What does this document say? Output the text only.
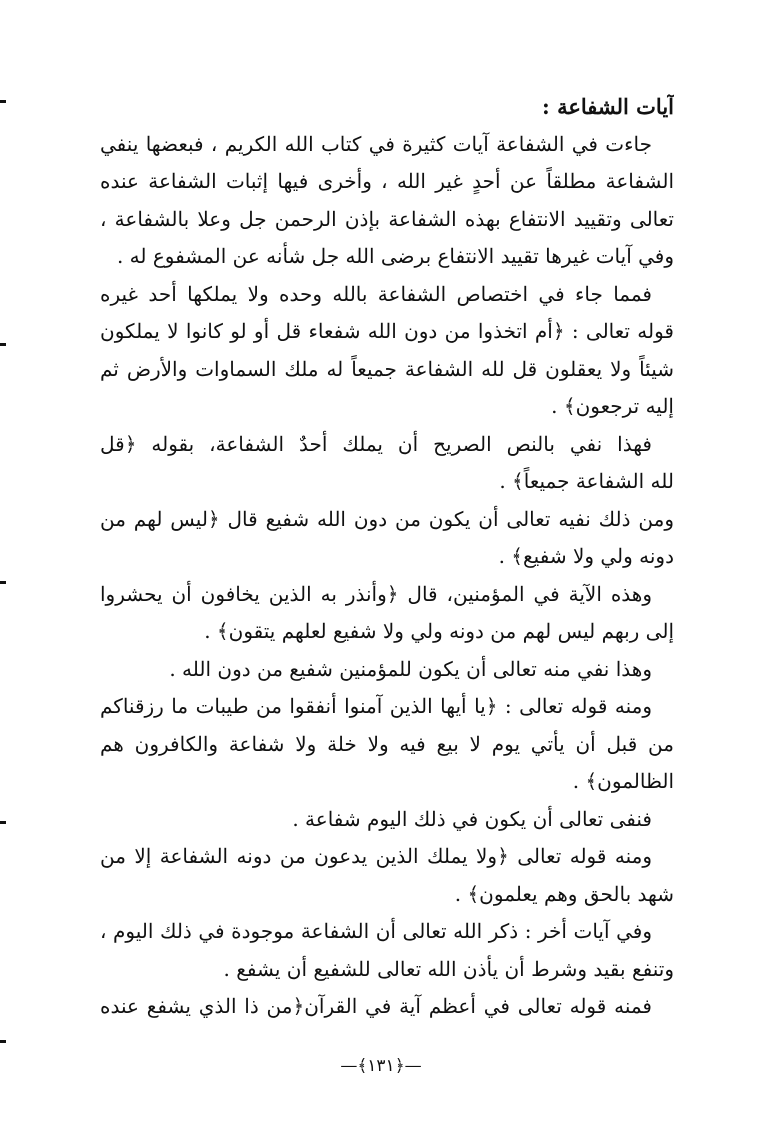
آيات الشفاعة :
جاءت في الشفاعة آيات كثيرة في كتاب الله الكريم ، فبعضها ينفي
الشفاعة مطلقاً عن أحدٍ غير الله ، وأخرى فيها إثبات الشفاعة عنده
تعالى وتقييد الانتفاع بهذه الشفاعة بإذن الرحمن جل وعلا بالشفاعة ،
وفي آيات غيرها تقييد الانتفاع برضى الله جل شأنه عن المشفوع له .
فمما جاء في اختصاص الشفاعة بالله وحده ولا يملكها أحد غيره
قوله تعالى : ﴿أم اتخذوا من دون الله شفعاء قل أو لو كانوا لا يملكون
شيئاً ولا يعقلون قل لله الشفاعة جميعاً له ملك السماوات والأرض ثم
إليه ترجعون﴾ .
فهذا نفي بالنص الصريح أن يملك أحدٌ الشفاعة، بقوله ﴿قل
لله الشفاعة جميعاً﴾ .
ومن ذلك نفيه تعالى أن يكون من دون الله شفيع قال ﴿ليس لهم من
دونه ولي ولا شفيع﴾ .
وهذه الآية في المؤمنين، قال ﴿وأنذر به الذين يخافون أن يحشروا
إلى ربهم ليس لهم من دونه ولي ولا شفيع لعلهم يتقون﴾ .
وهذا نفي منه تعالى أن يكون للمؤمنين شفيع من دون الله .
ومنه قوله تعالى : ﴿يا أيها الذين آمنوا أنفقوا من طيبات ما رزقناكم
من قبل أن يأتي يوم لا بيع فيه ولا خلة ولا شفاعة والكافرون هم
الظالمون﴾ .
فنفى تعالى أن يكون في ذلك اليوم شفاعة .
ومنه قوله تعالى ﴿ولا يملك الذين يدعون من دونه الشفاعة إلا من
شهد بالحق وهم يعلمون﴾ .
وفي آيات أخر : ذكر الله تعالى أن الشفاعة موجودة في ذلك اليوم ،
وتنفع بقيد وشرط أن يأذن الله تعالى للشفيع أن يشفع .
فمنه قوله تعالى في أعظم آية في القرآن﴿من ذا الذي يشفع عنده
—﴿١٣١﴾—
